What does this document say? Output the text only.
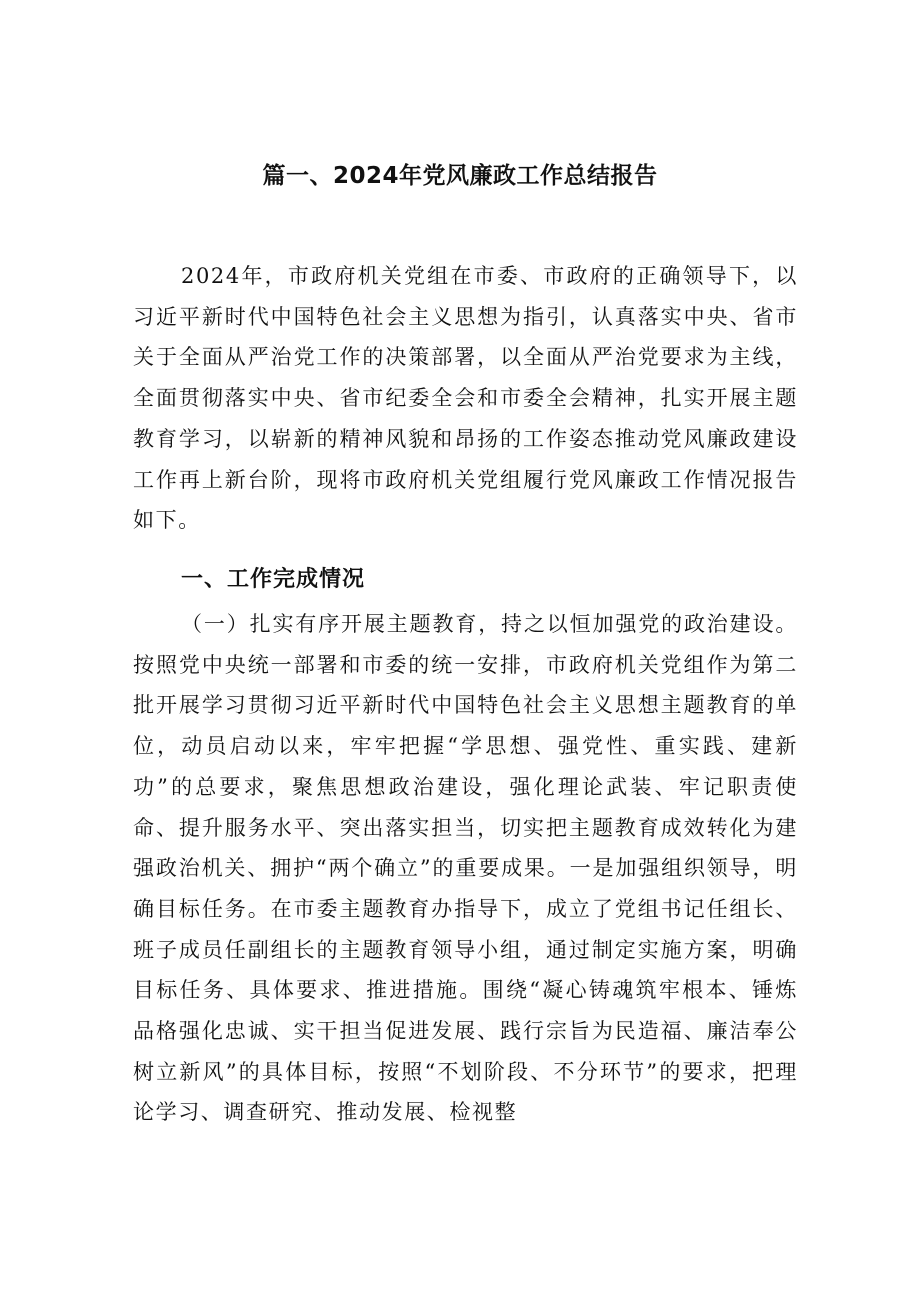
篇一、2024年党风廉政工作总结报告

2024年，市政府机关党组在市委、市政府的正确领导下，以习近平新时代中国特色社会主义思想为指引，认真落实中央、省市关于全面从严治党工作的决策部署，以全面从严治党要求为主线，全面贯彻落实中央、省市纪委全会和市委全会精神，扎实开展主题教育学习，以崭新的精神风貌和昂扬的工作姿态推动党风廉政建设工作再上新台阶，现将市政府机关党组履行党风廉政工作情况报告如下。

一、工作完成情况

（一）扎实有序开展主题教育，持之以恒加强党的政治建设。按照党中央统一部署和市委的统一安排，市政府机关党组作为第二批开展学习贯彻习近平新时代中国特色社会主义思想主题教育的单位，动员启动以来，牢牢把握“学思想、强党性、重实践、建新功”的总要求，聚焦思想政治建设，强化理论武装、牢记职责使命、提升服务水平、突出落实担当，切实把主题教育成效转化为建强政治机关、拥护“两个确立”的重要成果。一是加强组织领导，明确目标任务。在市委主题教育办指导下，成立了党组书记任组长、班子成员任副组长的主题教育领导小组，通过制定实施方案，明确目标任务、具体要求、推进措施。围绕“凝心铸魂筑牢根本、锤炼品格强化忠诚、实干担当促进发展、践行宗旨为民造福、廉洁奉公树立新风”的具体目标，按照“不划阶段、不分环节”的要求，把理论学习、调查研究、推动发展、检视整
